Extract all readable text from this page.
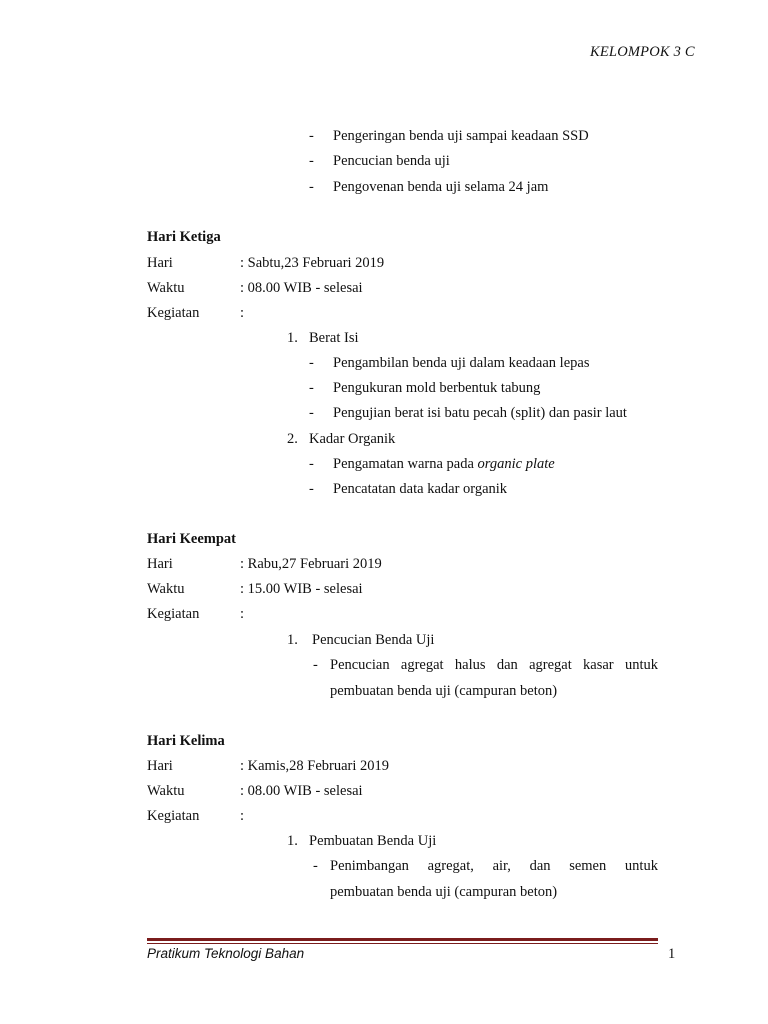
KELOMPOK 3 C
- Pengeringan benda uji sampai keadaan SSD
- Pencucian benda uji
- Pengovenan benda uji selama 24 jam
Hari Ketiga
Hari	: Sabtu,23 Februari 2019
Waktu	: 08.00 WIB - selesai
Kegiatan	:
1. Berat Isi
- Pengambilan benda uji dalam keadaan lepas
- Pengukuran mold berbentuk tabung
- Pengujian berat isi batu pecah (split) dan pasir laut
2. Kadar Organik
- Pengamatan warna pada organic plate
- Pencatatan data kadar organik
Hari Keempat
Hari	: Rabu,27 Februari 2019
Waktu	: 15.00 WIB - selesai
Kegiatan	:
1. Pencucian Benda Uji
- Pencucian agregat halus dan agregat kasar untuk
pembuatan benda uji (campuran beton)
Hari Kelima
Hari	: Kamis,28 Februari 2019
Waktu	: 08.00 WIB - selesai
Kegiatan	:
1. Pembuatan Benda Uji
- Penimbangan agregat, air, dan semen untuk
pembuatan benda uji (campuran beton)
Pratikum Teknologi Bahan	1
